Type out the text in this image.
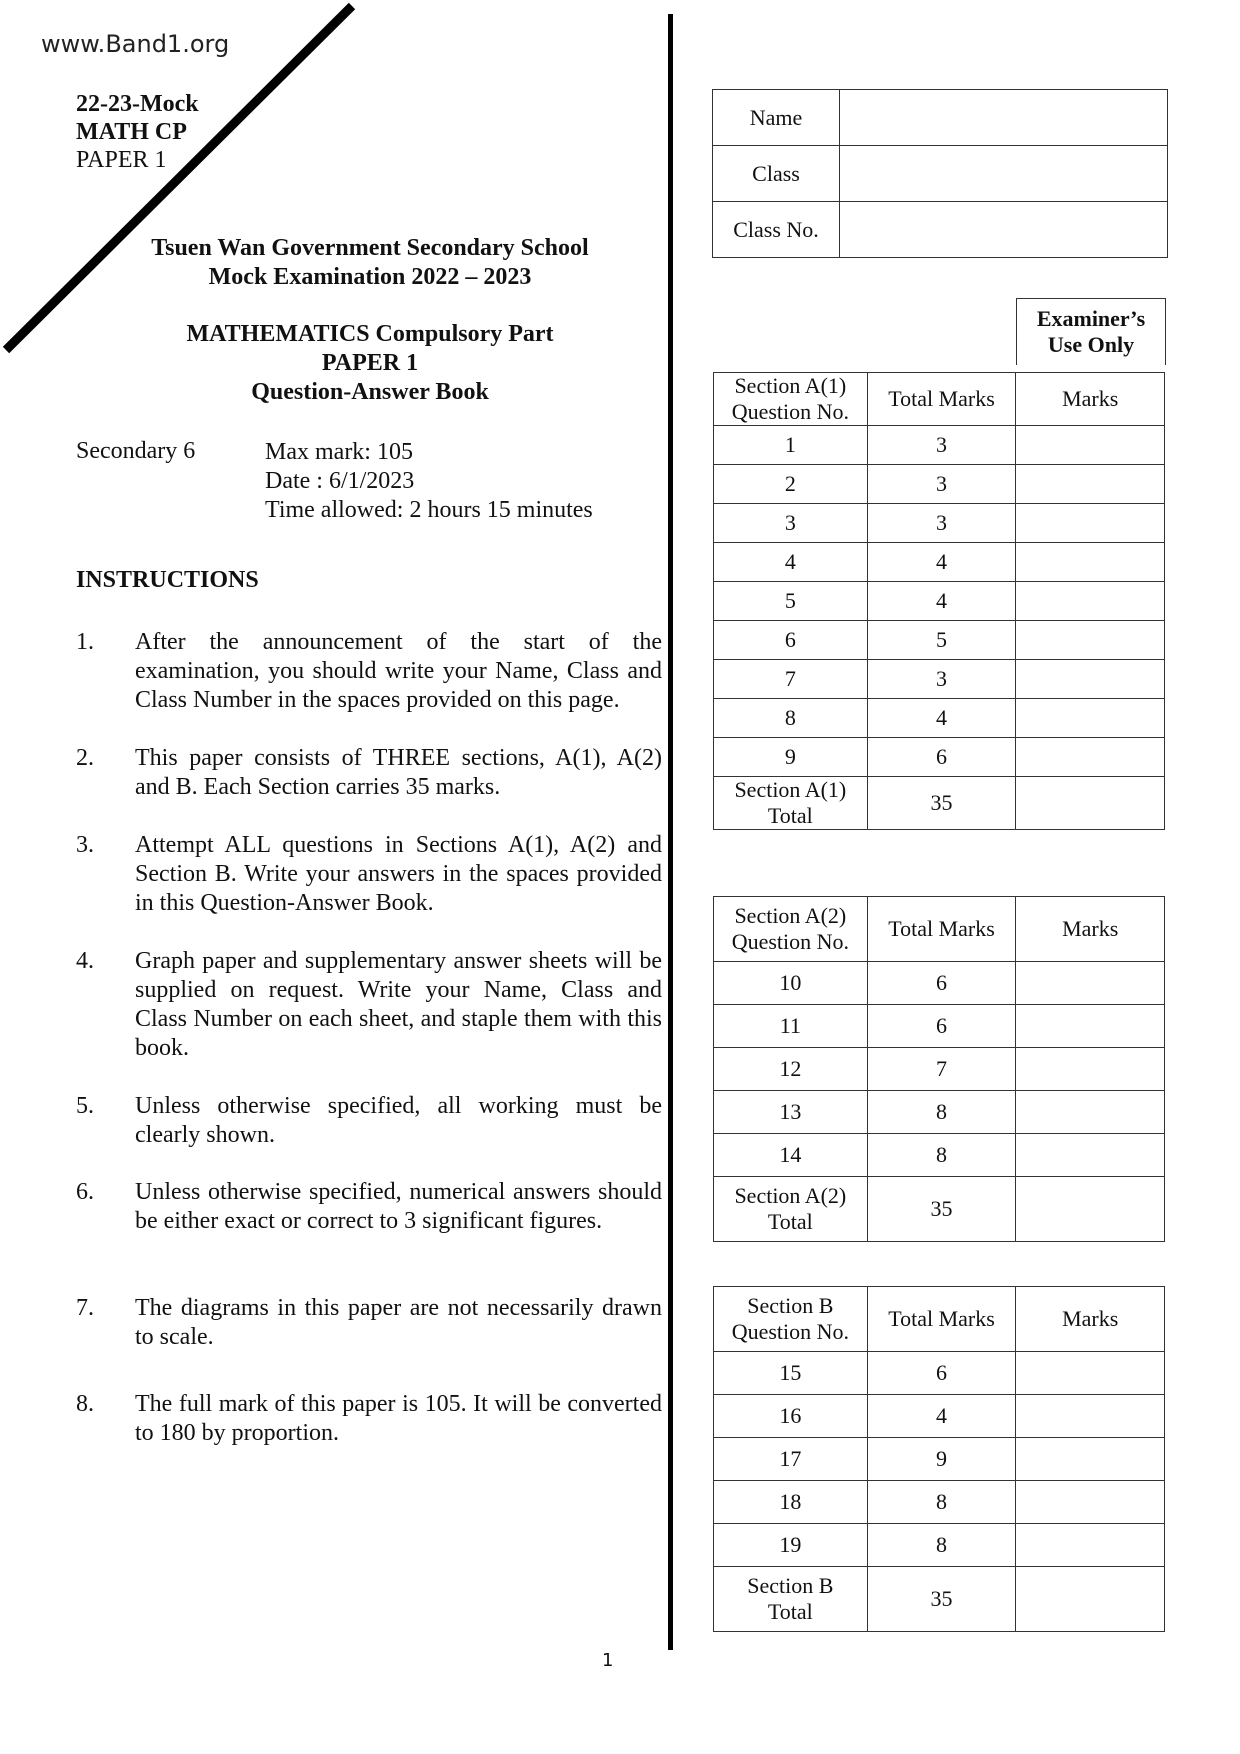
www.Band1.org
22-23-Mock
MATH CP
PAPER 1
Tsuen Wan Government Secondary School
Mock Examination 2022 – 2023
MATHEMATICS Compulsory Part
PAPER 1
Question-Answer Book
Secondary 6	Max mark: 105
Date : 6/1/2023
Time allowed: 2 hours 15 minutes
INSTRUCTIONS
1. After the announcement of the start of the examination, you should write your Name, Class and Class Number in the spaces provided on this page.
2. This paper consists of THREE sections, A(1), A(2) and B. Each Section carries 35 marks.
3. Attempt ALL questions in Sections A(1), A(2) and Section B. Write your answers in the spaces provided in this Question-Answer Book.
4. Graph paper and supplementary answer sheets will be supplied on request. Write your Name, Class and Class Number on each sheet, and staple them with this book.
5. Unless otherwise specified, all working must be clearly shown.
6. Unless otherwise specified, numerical answers should be either exact or correct to 3 significant figures.
7. The diagrams in this paper are not necessarily drawn to scale.
8. The full mark of this paper is 105. It will be converted to 180 by proportion.
Name	
Class	
Class No.	
Examiner’s Use Only
Section A(1)
Question No.	Total Marks	Marks
1	3	
2	3	
3	3	
4	4	
5	4	
6	5	
7	3	
8	4	
9	6	

Section A(1)
Total	35	
Section A(2)
Question No.	Total Marks	Marks
10	6	
11	6	
12	7	
13	8	
14	8	

Section A(2)
Total	35	
Section B
Question No.	Total Marks	Marks
15	6	
16	4	
17	9	
18	8	
19	8	

Section B
Total	35	
1
